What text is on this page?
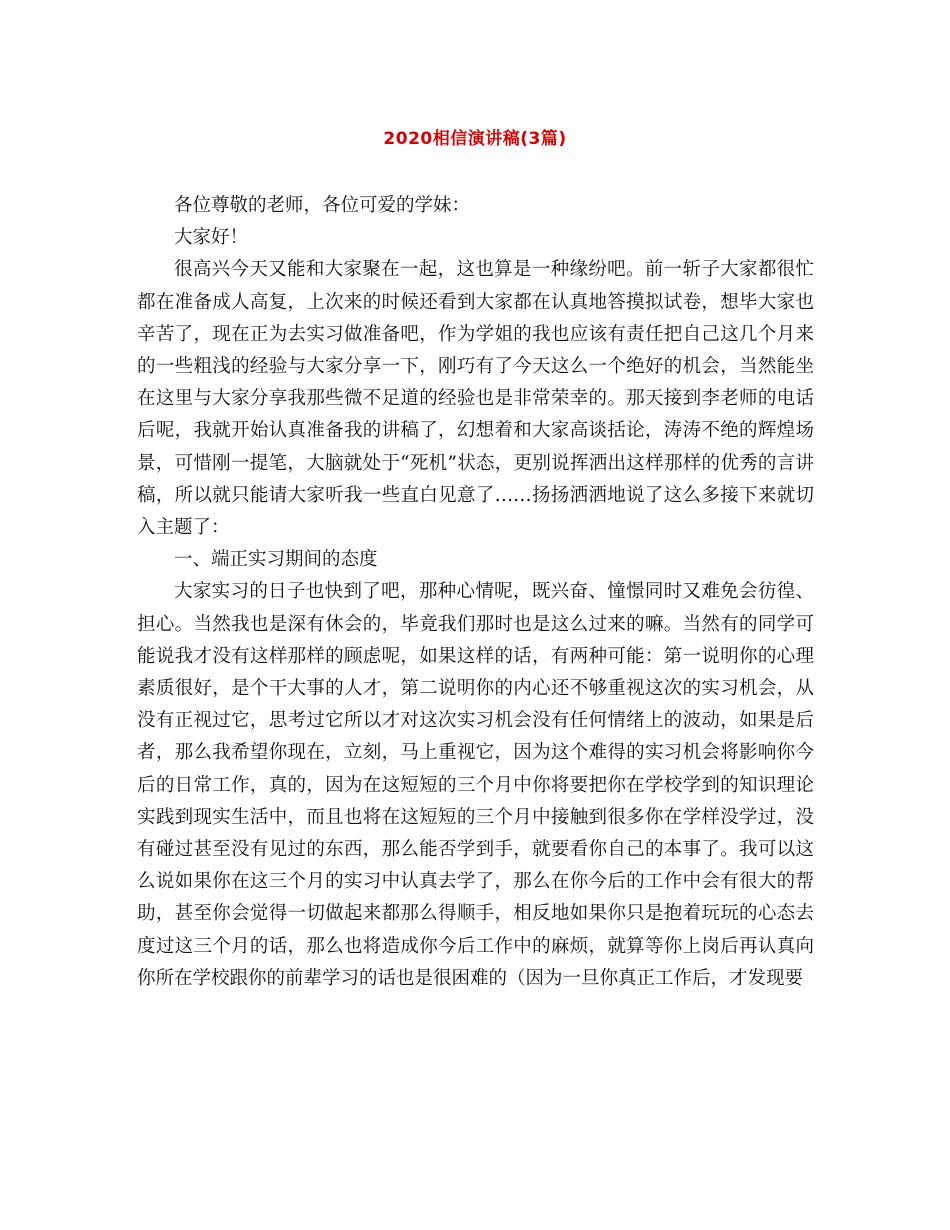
2020相信演讲稿(3篇)

各位尊敬的老师，各位可爱的学妹：

大家好！

很高兴今天又能和大家聚在一起，这也算是一种缘纷吧。前一斩子大家都很忙都在准备成人高复，上次来的时候还看到大家都在认真地答摸拟试卷，想毕大家也辛苦了，现在正为去实习做准备吧，作为学姐的我也应该有责任把自己这几个月来的一些粗浅的经验与大家分享一下，刚巧有了今天这么一个绝好的机会，当然能坐在这里与大家分享我那些微不足道的经验也是非常荣幸的。那天接到李老师的电话后呢，我就开始认真准备我的讲稿了，幻想着和大家高谈括论，涛涛不绝的辉煌场景，可惜刚一提笔，大脑就处于“死机”状态，更别说挥洒出这样那样的优秀的言讲稿，所以就只能请大家听我一些直白见意了……扬扬洒洒地说了这么多接下来就切入主题了：

一、端正实习期间的态度

大家实习的日子也快到了吧，那种心情呢，既兴奋、憧憬同时又难免会彷徨、担心。当然我也是深有休会的，毕竟我们那时也是这么过来的嘛。当然有的同学可能说我才没有这样那样的顾虑呢，如果这样的话，有两种可能：第一说明你的心理素质很好，是个干大事的人才，第二说明你的内心还不够重视这次的实习机会，从没有正视过它，思考过它所以才对这次实习机会没有任何情绪上的波动，如果是后者，那么我希望你现在，立刻，马上重视它，因为这个难得的实习机会将影响你今后的日常工作，真的，因为在这短短的三个月中你将要把你在学校学到的知识理论实践到现实生活中，而且也将在这短短的三个月中接触到很多你在学样没学过，没有碰过甚至没有见过的东西，那么能否学到手，就要看你自己的本事了。我可以这么说如果你在这三个月的实习中认真去学了，那么在你今后的工作中会有很大的帮助，甚至你会觉得一切做起来都那么得顺手，相反地如果你只是抱着玩玩的心态去度过这三个月的话，那么也将造成你今后工作中的麻烦，就算等你上岗后再认真向你所在学校跟你的前辈学习的话也是很困难的（因为一旦你真正工作后，才发现要
